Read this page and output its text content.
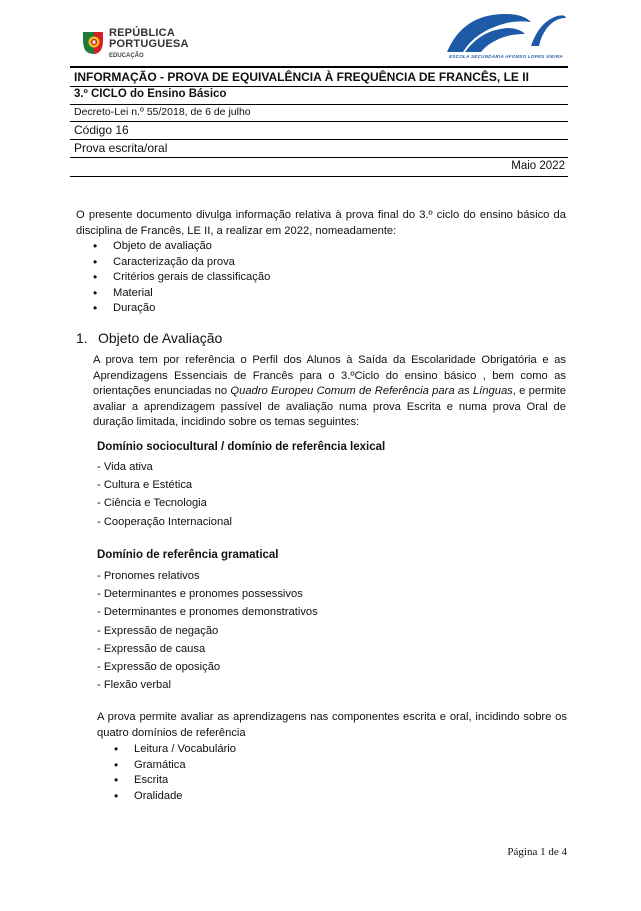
REPÚBLICA
PORTUGUESA
EDUCAÇÃO	ESCOLA SECUNDÁRIA AFONSO LOPES VIEIRA
INFORMAÇÃO - PROVA DE EQUIVALÊNCIA À FREQUÊNCIA DE FRANCÊS, LE II
3.º CICLO do Ensino Básico
Decreto-Lei n.º 55/2018, de 6 de julho
Código 16
Prova escrita/oral
Maio 2022
O presente documento divulga informação relativa à prova final do 3.º ciclo do ensino básico da disciplina de Francês, LE II, a realizar em 2022, nomeadamente:
• Objeto de avaliação
• Caracterização da prova
• Critérios gerais de classificação
• Material
• Duração
1. Objeto de Avaliação
A prova tem por referência o Perfil dos Alunos à Saída da Escolaridade Obrigatória e as Aprendizagens Essenciais de Francês para o 3.ºCiclo do ensino básico , bem como as orientações enunciadas no Quadro Europeu Comum de Referência para as Línguas, e permite avaliar a aprendizagem passível de avaliação numa prova Escrita e numa prova Oral de duração limitada, incidindo sobre os temas seguintes:
Domínio sociocultural / domínio de referência lexical
- Vida ativa
- Cultura e Estética
- Ciência e Tecnologia
- Cooperação Internacional
Domínio de referência gramatical
- Pronomes relativos
- Determinantes e pronomes possessivos
- Determinantes e pronomes demonstrativos
- Expressão de negação
- Expressão de causa
- Expressão de oposição
- Flexão verbal
A prova permite avaliar as aprendizagens nas componentes escrita e oral, incidindo sobre os quatro domínios de referência
• Leitura / Vocabulário
• Gramática
• Escrita
• Oralidade
Página 1 de 4
